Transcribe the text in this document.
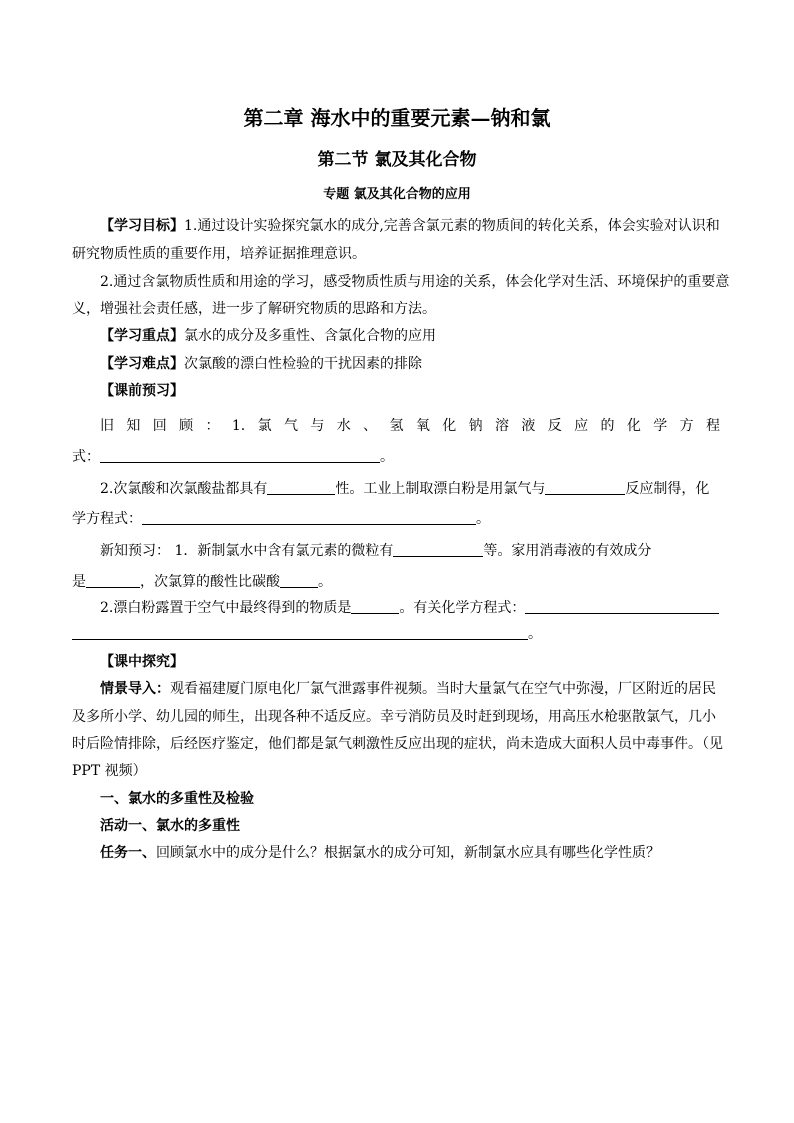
第二章 海水中的重要元素—钠和氯
第二节 氯及其化合物
专题 氯及其化合物的应用
【学习目标】1.通过设计实验探究氯水的成分,完善含氯元素的物质间的转化关系，体会实验对认识和
研究物质性质的重要作用，培养证据推理意识。
2.通过含氯物质性质和用途的学习，感受物质性质与用途的关系，体会化学对生活、环境保护的重要意
义，增强社会责任感，进一步了解研究物质的思路和方法。
【学习重点】氯水的成分及多重性、含氯化合物的应用
【学习难点】次氯酸的漂白性检验的干扰因素的排除
【课前预习】
旧 知 回 顾 ： 1. 氯 气 与 水 、 氢 氧 化 钠 溶 液 反 应 的 化 学 方 程
式：	。
2.次氯酸和次氯酸盐都具有	性。工业上制取漂白粉是用氯气与	反应制得，化
学方程式：	。
新知预习： 1．新制氯水中含有氯元素的微粒有	等。家用消毒液的有效成分
是	，次氯算的酸性比碳酸	。
2.漂白粉露置于空气中最终得到的物质是	。有关化学方程式：
。
【课中探究】
情景导入：观看福建厦门原电化厂氯气泄露事件视频。当时大量氯气在空气中弥漫，厂区附近的居民
及多所小学、幼儿园的师生，出现各种不适反应。幸亏消防员及时赶到现场，用高压水枪驱散氯气，几小
时后险情排除，后经医疗鉴定，他们都是氯气刺激性反应出现的症状，尚未造成大面积人员中毒事件。（见
PPT 视频）
一、氯水的多重性及检验
活动一、氯水的多重性
任务一、回顾氯水中的成分是什么？根据氯水的成分可知，新制氯水应具有哪些化学性质？
